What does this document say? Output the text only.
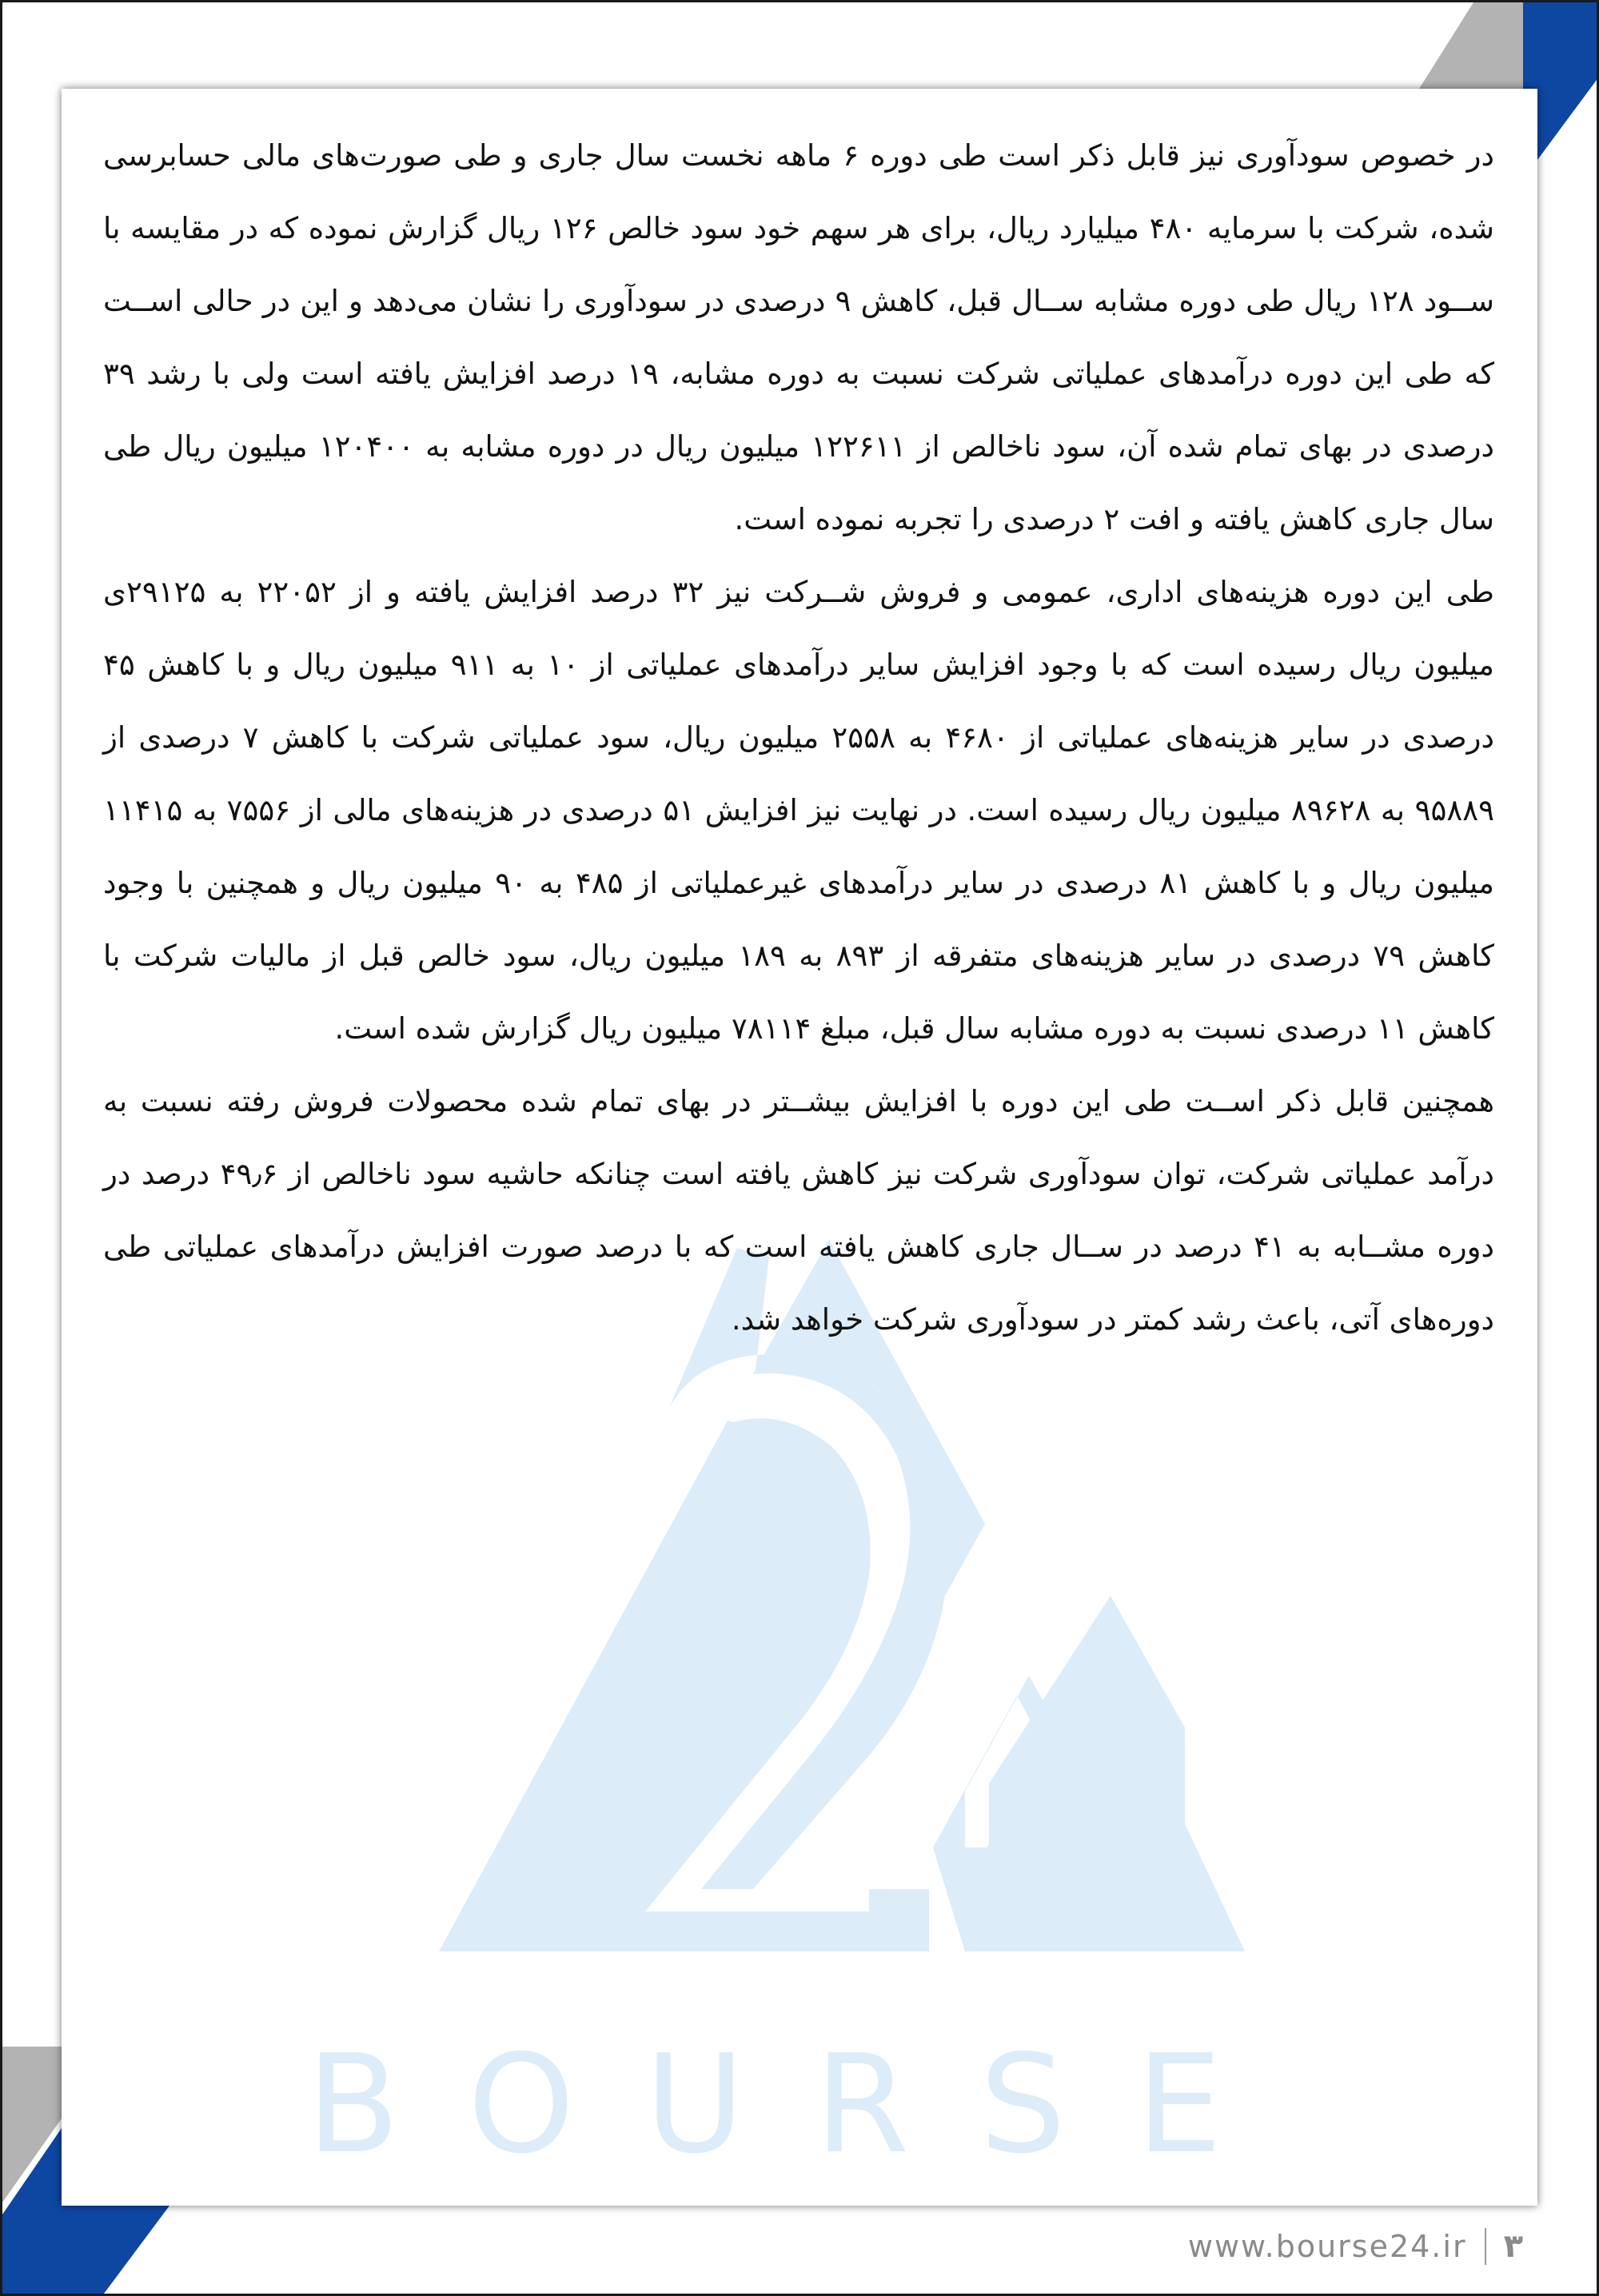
BOURSE

در خصوص سودآوری نیز قابل ذکر است طی دوره ۶ ماهه نخست سال جاری و طی صورت‌های مالی حسابرسی شده، شرکت با سرمایه ۴۸۰ میلیارد ریال، برای هر سهم خود سود خالص ۱۲۶ ریال گزارش نموده که در مقایسه با ســود ۱۲۸ ریال طی دوره مشابه ســال قبل، کاهش ۹ درصدی در سودآوری را نشان می‌دهد و این در حالی اســت که طی این دوره درآمدهای عملیاتی شرکت نسبت به دوره مشابه، ۱۹ درصد افزایش یافته است ولی با رشد ۳۹ درصدی در بهای تمام شده آن، سود ناخالص از ۱۲۲۶۱۱ میلیون ریال در دوره مشابه به ۱۲۰۴۰۰ میلیون ریال طی سال جاری کاهش یافته و افت ۲ درصدی را تجربه نموده است.

طی این دوره هزینه‌های اداری، عمومی و فروش شــرکت نیز ۳۲ درصد افزایش یافته و از ۲۲۰۵۲ به ۲۹۱۲۵ی میلیون ریال رسیده است که با وجود افزایش سایر درآمدهای عملیاتی از ۱۰ به ۹۱۱ میلیون ریال و با کاهش ۴۵ درصدی در سایر هزینه‌های عملیاتی از ۴۶۸۰ به ۲۵۵۸ میلیون ریال، سود عملیاتی شرکت با کاهش ۷ درصدی از ۹۵۸۸۹ به ۸۹۶۲۸ میلیون ریال رسیده است. در نهایت نیز افزایش ۵۱ درصدی در هزینه‌های مالی از ۷۵۵۶ به ۱۱۴۱۵ میلیون ریال و با کاهش ۸۱ درصدی در سایر درآمدهای غیرعملیاتی از ۴۸۵ به ۹۰ میلیون ریال و همچنین با وجود کاهش ۷۹ درصدی در سایر هزینه‌های متفرقه از ۸۹۳ به ۱۸۹ میلیون ریال، سود خالص قبل از مالیات شرکت با کاهش ۱۱ درصدی نسبت به دوره مشابه سال قبل، مبلغ ۷۸۱۱۴ میلیون ریال گزارش شده است.

همچنین قابل ذکر اســت طی این دوره با افزایش بیشــتر در بهای تمام شده محصولات فروش رفته نسبت به درآمد عملیاتی شرکت، توان سودآوری شرکت نیز کاهش یافته است چنانکه حاشیه سود ناخالص از ۴۹٫۶ درصد در دوره مشــابه به ۴۱ درصد در ســال جاری کاهش یافته است که با درصد صورت افزایش درآمدهای عملیاتی طی دوره‌های آتی، باعث رشد کمتر در سودآوری شرکت خواهد شد.

www.bourse24.ir ۳
